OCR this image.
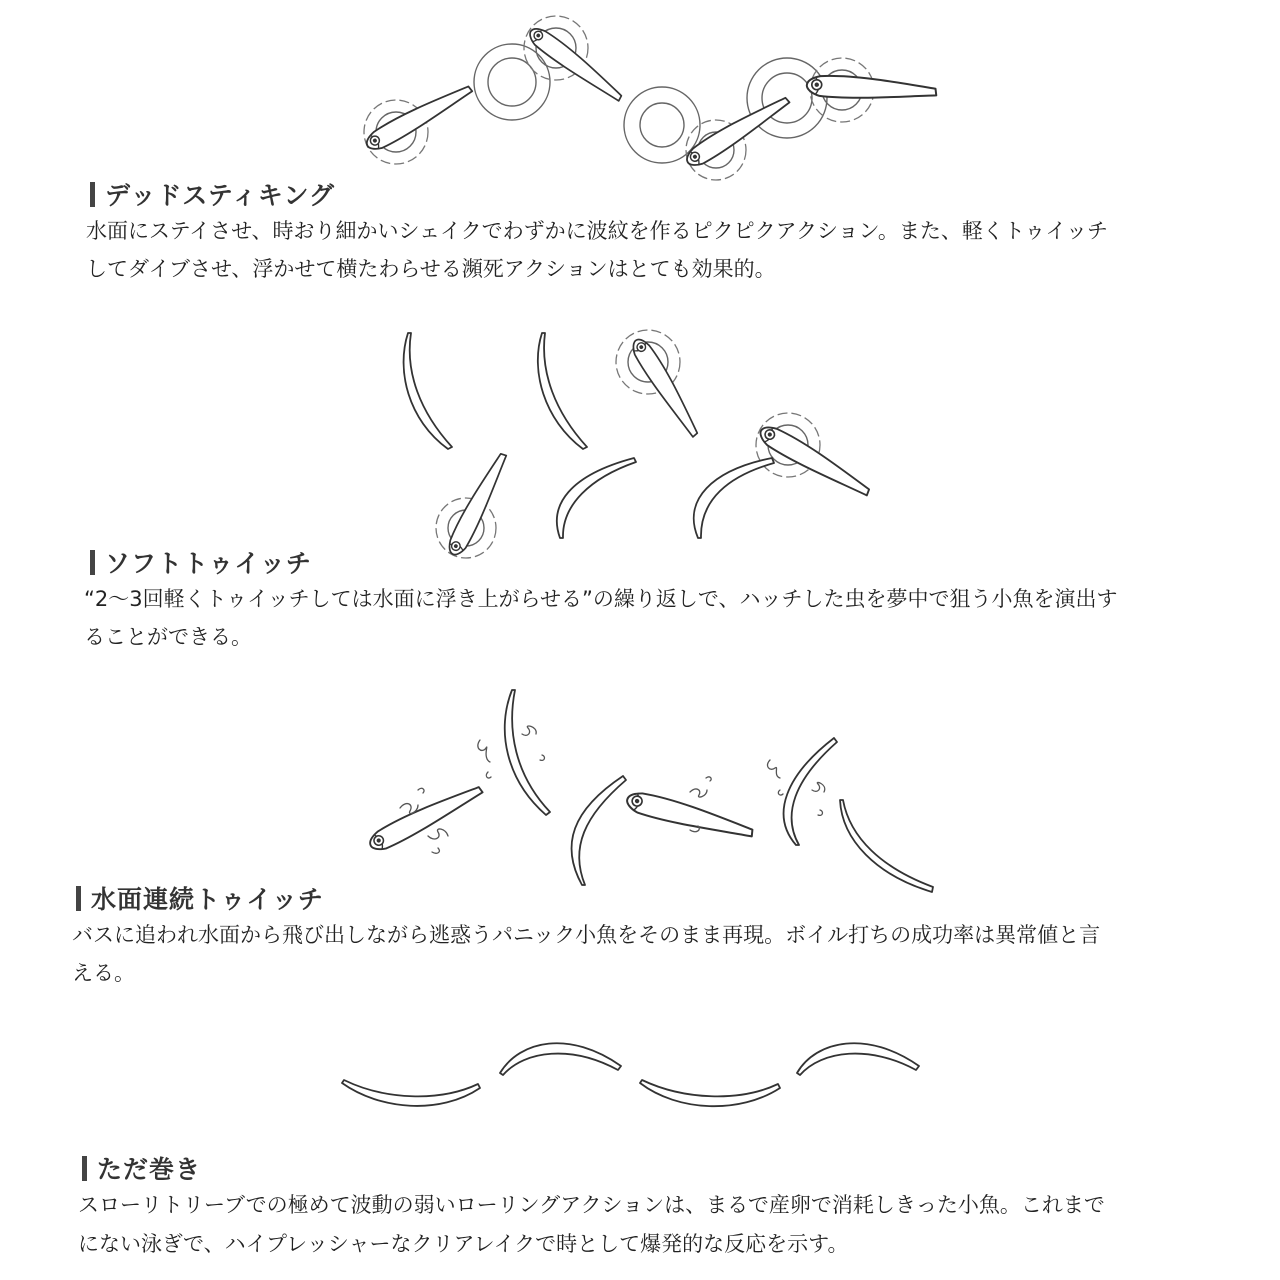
デッドスティキング

水面にステイさせ、時おり細かいシェイクでわずかに波紋を作るピクピクアクション。また、軽くトゥイッチ

してダイブさせ、浮かせて横たわらせる瀕死アクションはとても効果的。

ソフトトゥイッチ

“2～3回軽くトゥイッチしては水面に浮き上がらせる”の繰り返しで、ハッチした虫を夢中で狙う小魚を演出す

ることができる。

水面連続トゥイッチ

バスに追われ水面から飛び出しながら逃惑うパニック小魚をそのまま再現。ボイル打ちの成功率は異常値と言

える。

ただ巻き

スローリトリーブでの極めて波動の弱いローリングアクションは、まるで産卵で消耗しきった小魚。これまで

にない泳ぎで、ハイプレッシャーなクリアレイクで時として爆発的な反応を示す。
